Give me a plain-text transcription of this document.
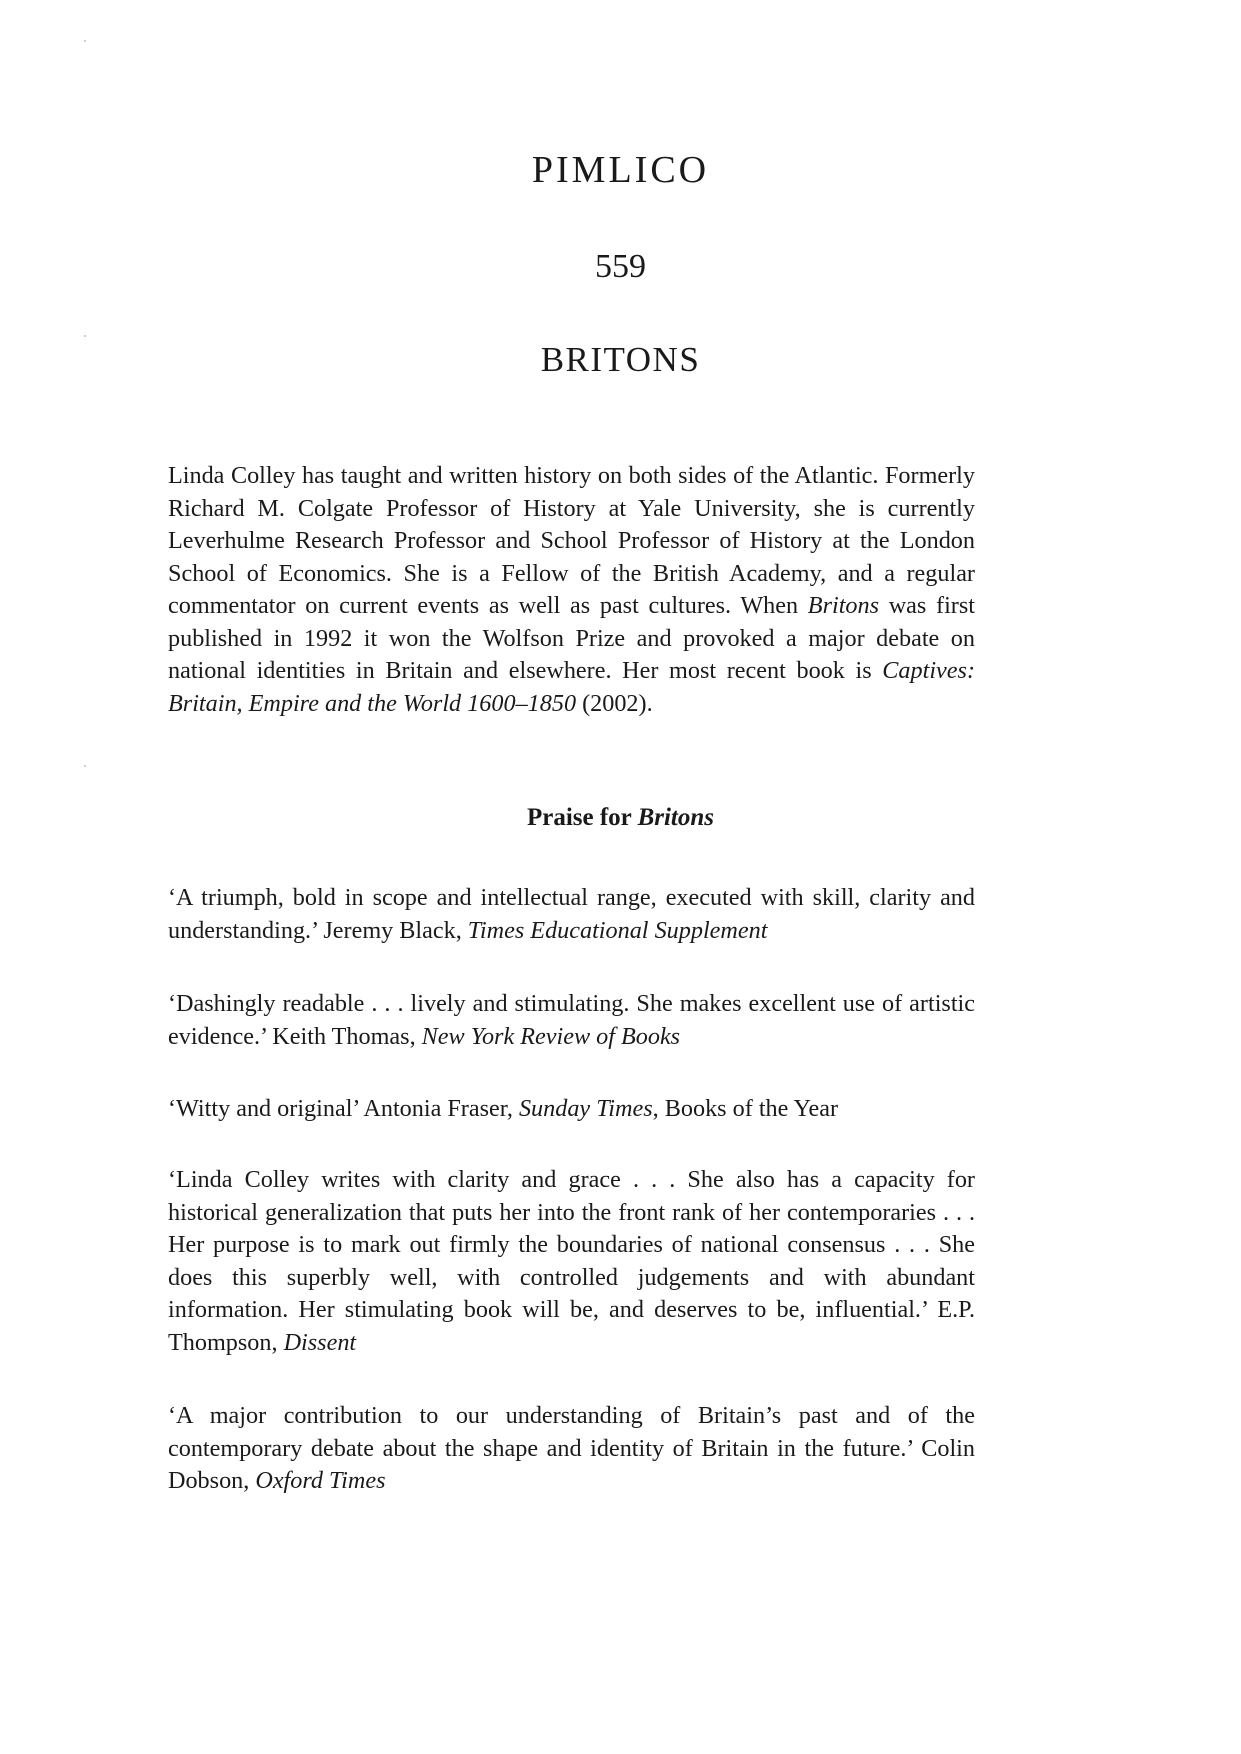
PIMLICO
559
BRITONS

Linda Colley has taught and written history on both sides of the Atlantic. Formerly Richard M. Colgate Professor of History at Yale University, she is currently Leverhulme Research Professor and School Professor of History at the London School of Economics. She is a Fellow of the British Academy, and a regular commentator on current events as well as past cultures. When Britons was first published in 1992 it won the Wolfson Prize and provoked a major debate on national identities in Britain and elsewhere. Her most recent book is Captives: Britain, Empire and the World 1600–1850 (2002).

Praise for Britons

‘A triumph, bold in scope and intellectual range, executed with skill, clarity and understanding.’ Jeremy Black, Times Educational Supplement

‘Dashingly readable . . . lively and stimulating. She makes excellent use of artistic evidence.’ Keith Thomas, New York Review of Books

‘Witty and original’ Antonia Fraser, Sunday Times, Books of the Year

‘Linda Colley writes with clarity and grace . . . She also has a capacity for historical generalization that puts her into the front rank of her contemporaries . . . Her purpose is to mark out firmly the boundaries of national consensus . . . She does this superbly well, with controlled judgements and with abundant information. Her stimulating book will be, and deserves to be, influential.’ E.P. Thompson, Dissent

‘A major contribution to our understanding of Britain’s past and of the contemporary debate about the shape and identity of Britain in the future.’ Colin Dobson, Oxford Times
